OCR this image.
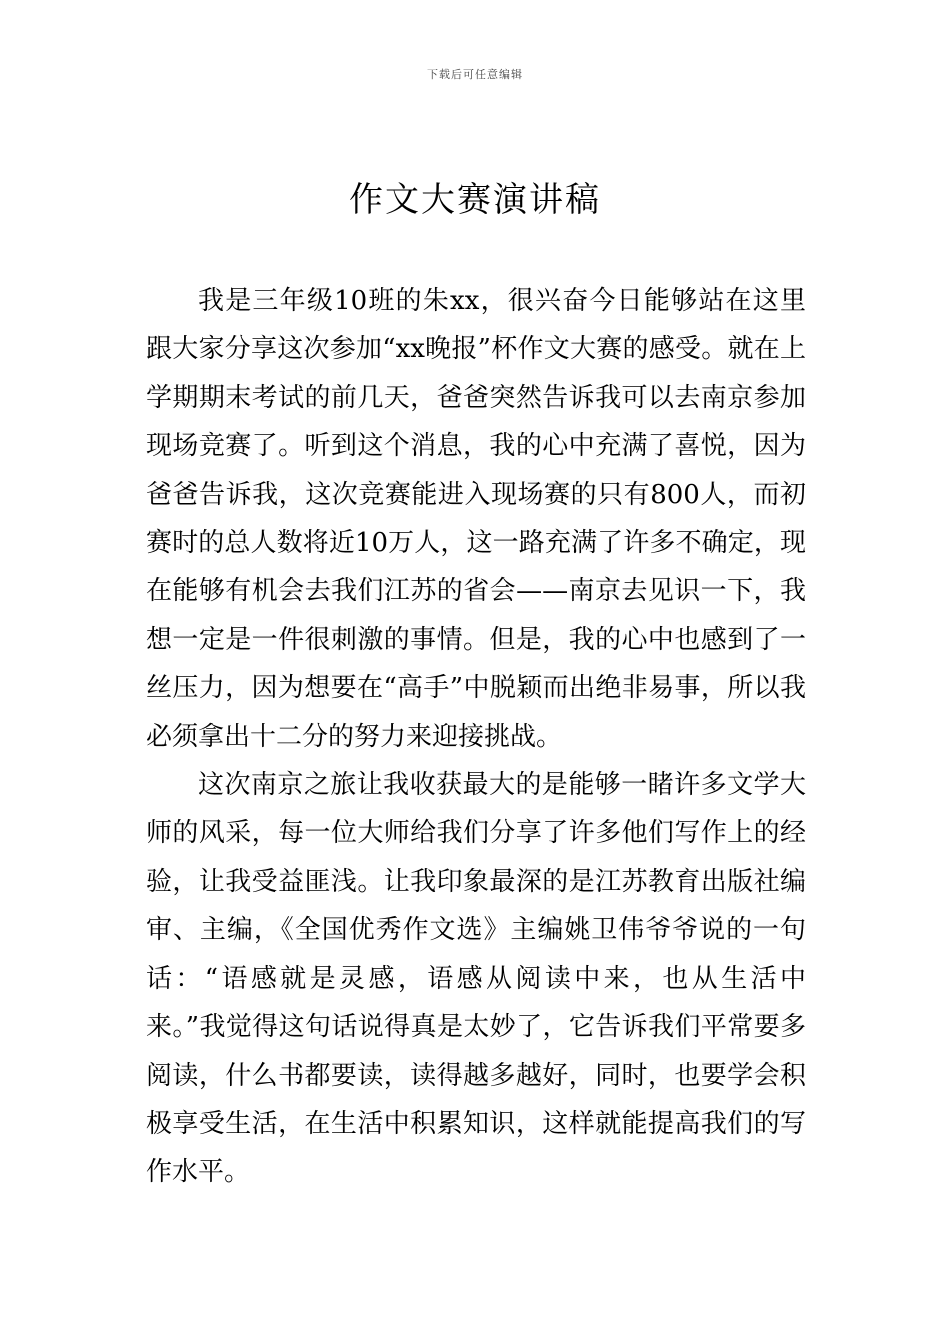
下载后可任意编辑
作文大赛演讲稿

我是三年级10班的朱xx，很兴奋今日能够站在这里跟大家分享这次参加“xx晚报”杯作文大赛的感受。就在上学期期末考试的前几天，爸爸突然告诉我可以去南京参加现场竞赛了。听到这个消息，我的心中充满了喜悦，因为爸爸告诉我，这次竞赛能进入现场赛的只有800人，而初赛时的总人数将近10万人，这一路充满了许多不确定，现在能够有机会去我们江苏的省会——南京去见识一下，我想一定是一件很刺激的事情。但是，我的心中也感到了一丝压力，因为想要在“高手”中脱颖而出绝非易事，所以我必须拿出十二分的努力来迎接挑战。

这次南京之旅让我收获最大的是能够一睹许多文学大师的风采，每一位大师给我们分享了许多他们写作上的经验，让我受益匪浅。让我印象最深的是江苏教育出版社编审、主编，《全国优秀作文选》主编姚卫伟爷爷说的一句话：“语感就是灵感，语感从阅读中来，也从生活中来。”我觉得这句话说得真是太妙了，它告诉我们平常要多阅读，什么书都要读，读得越多越好，同时，也要学会积极享受生活，在生活中积累知识，这样就能提高我们的写作水平。
